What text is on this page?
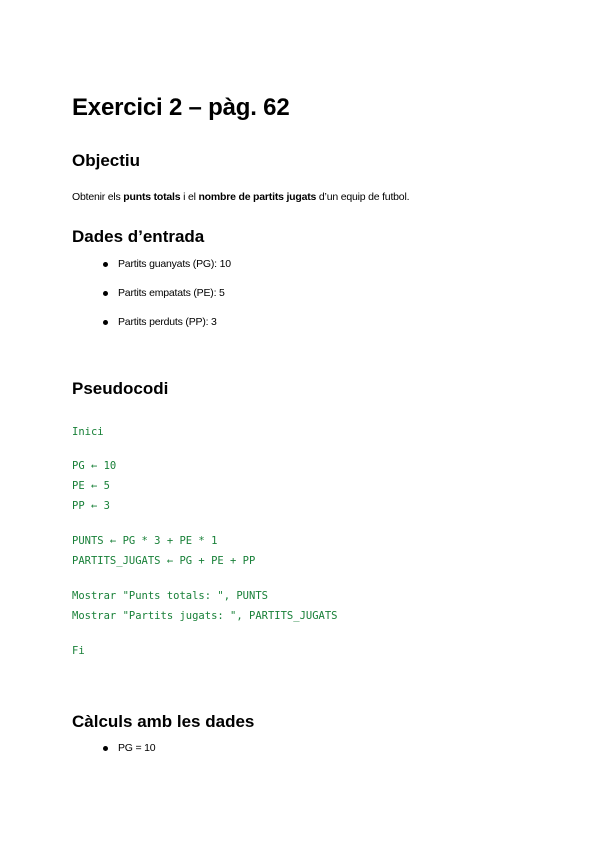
Exercici 2 – pàg. 62
Objectiu

Obtenir els punts totals i el nombre de partits jugats d’un equip de futbol.

Dades d’entrada
Partits guanyats (PG): 10
Partits empatats (PE): 5
Partits perduts (PP): 3
Pseudocodi
Inici
PG ← 10
PE ← 5
PP ← 3
PUNTS ← PG * 3 + PE * 1
PARTITS_JUGATS ← PG + PE + PP
Mostrar "Punts totals: ", PUNTS
Mostrar "Partits jugats: ", PARTITS_JUGATS
Fi
Càlculs amb les dades
PG = 10
